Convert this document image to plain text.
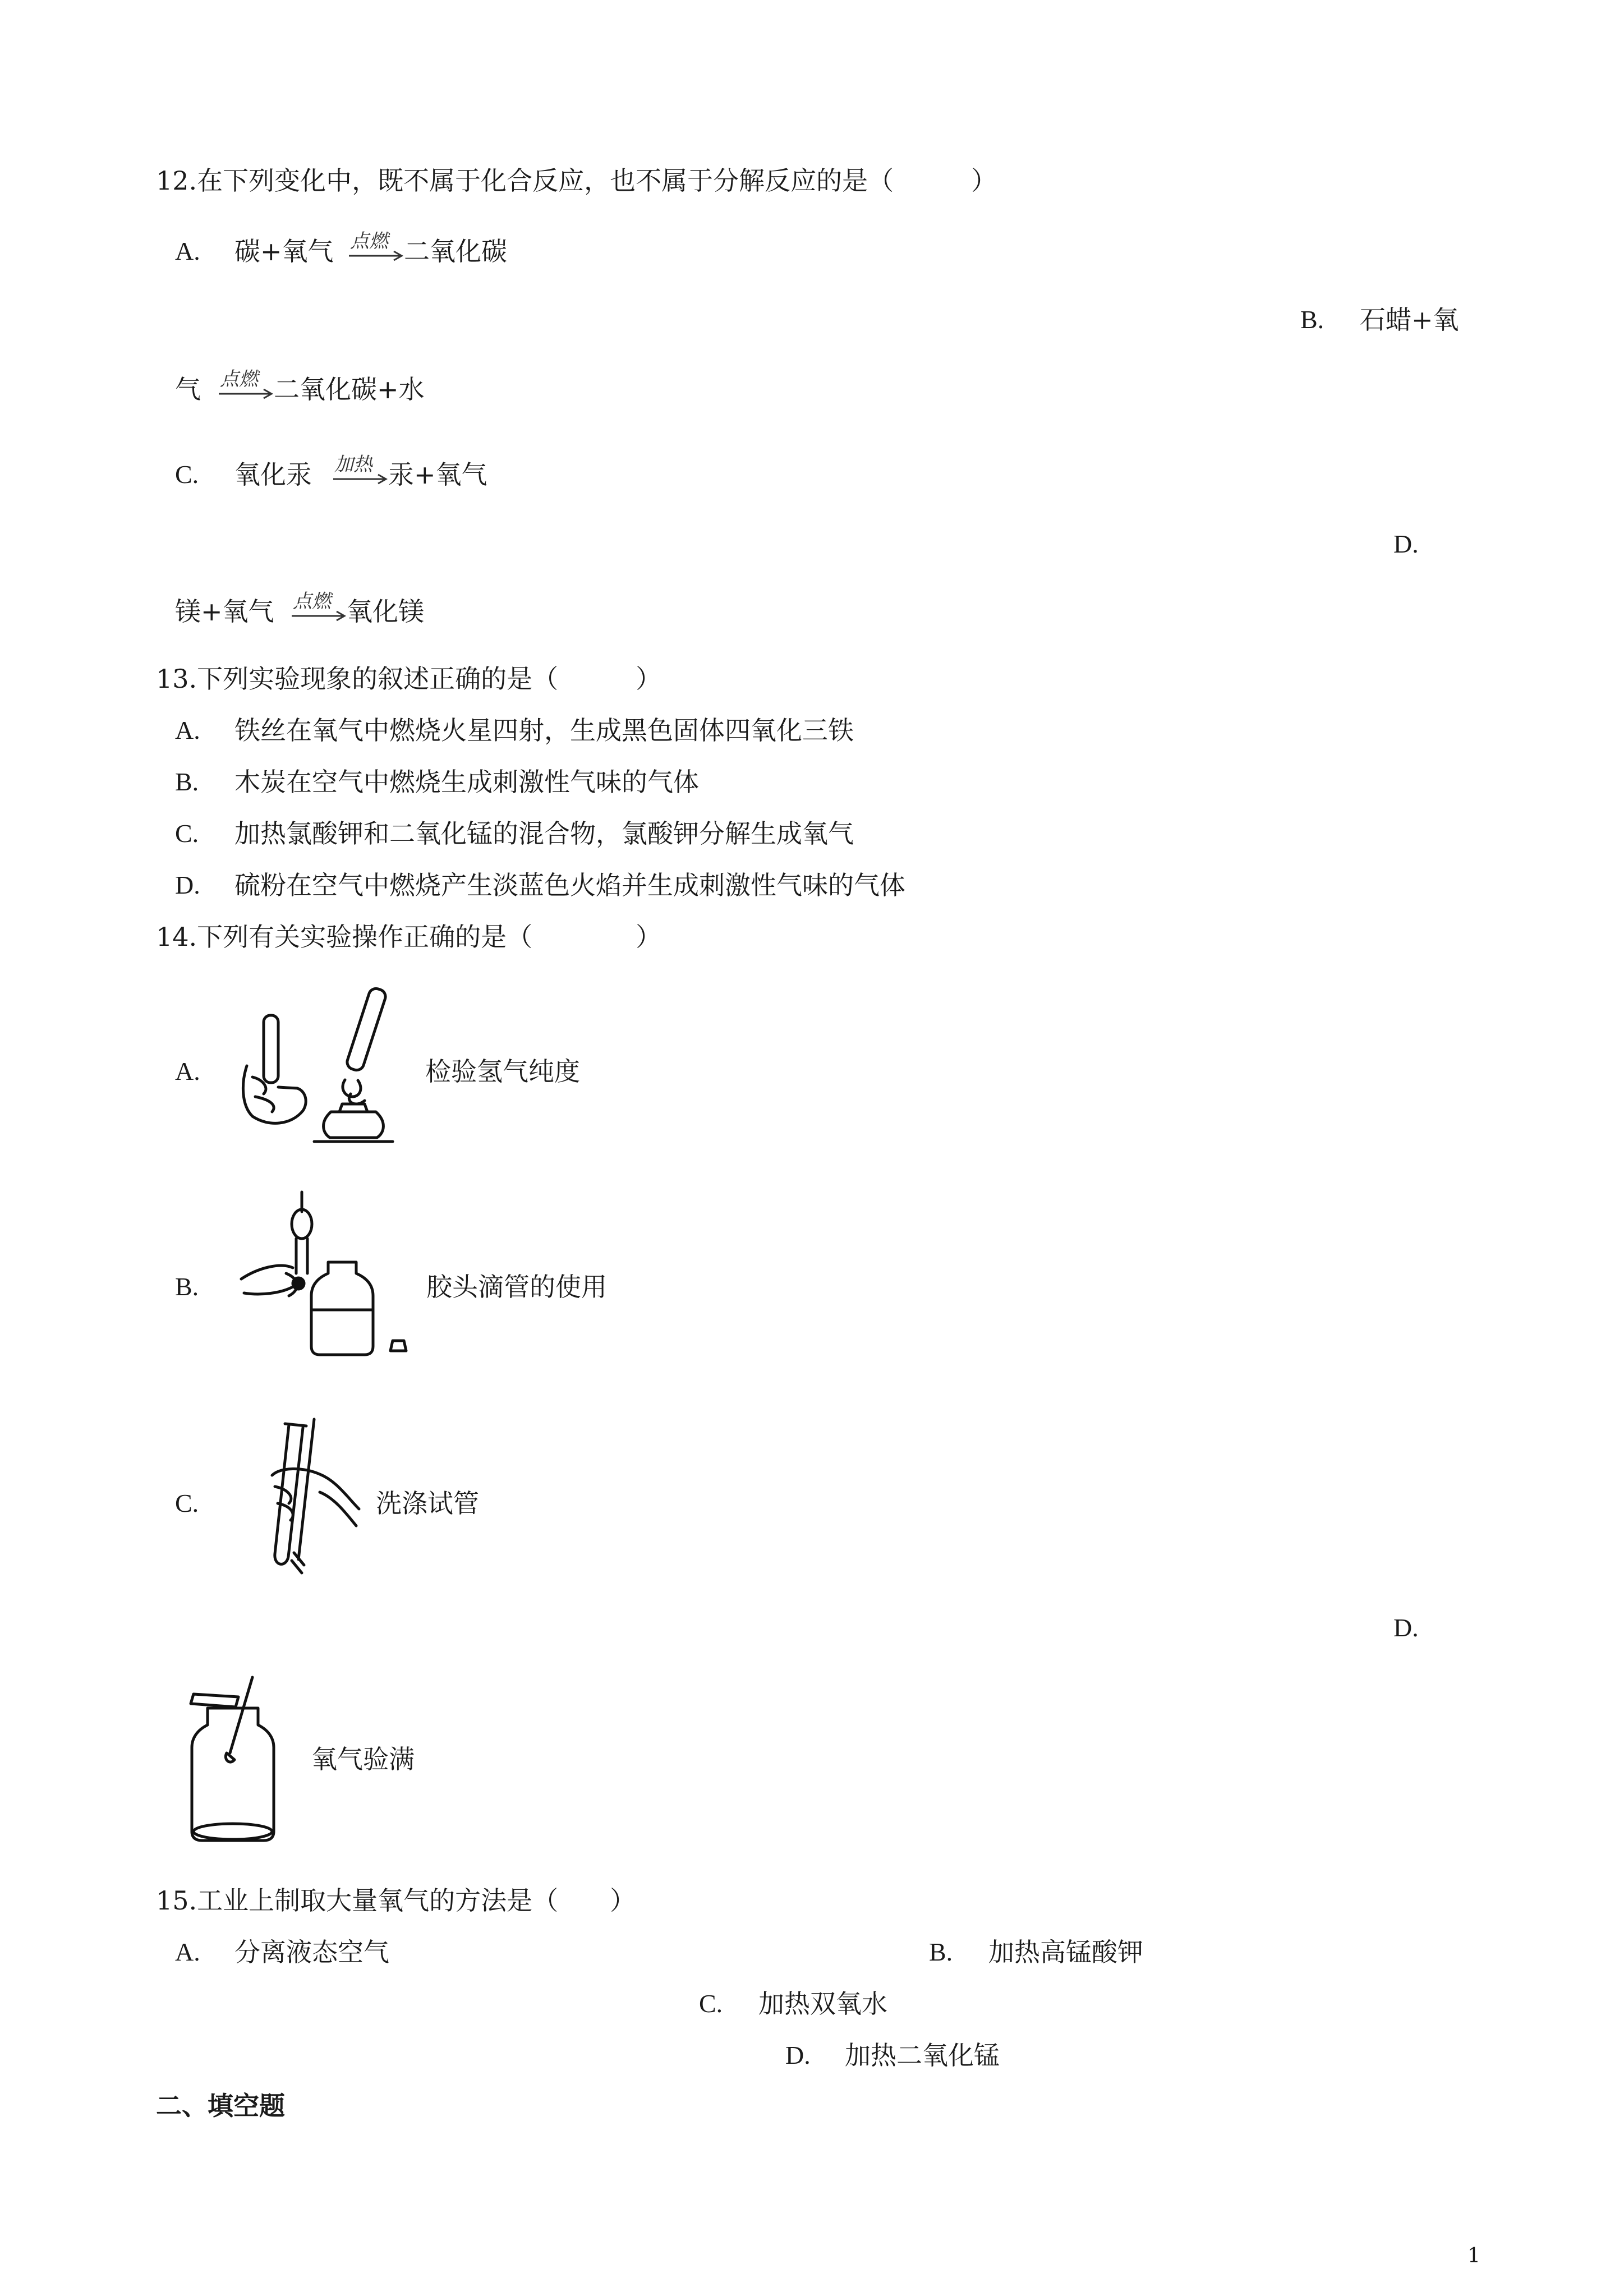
12.在下列变化中，既不属于化合反应，也不属于分解反应的是（　　　）
A. 碳+氧气 点燃 二氧化碳
B. 石蜡+氧
气 点燃 二氧化碳+水
C. 氧化汞 加热 汞+氧气
D.
镁+氧气 点燃 氧化镁
13.下列实验现象的叙述正确的是（　　　）
A. 铁丝在氧气中燃烧火星四射，生成黑色固体四氧化三铁
B. 木炭在空气中燃烧生成刺激性气味的气体
C. 加热氯酸钾和二氧化锰的混合物，氯酸钾分解生成氧气
D. 硫粉在空气中燃烧产生淡蓝色火焰并生成刺激性气味的气体
14.下列有关实验操作正确的是（　　　　）
A.	检验氢气纯度
B.	胶头滴管的使用
C.	洗涤试管
D.
氧气验满
15.工业上制取大量氧气的方法是（　　）
A. 分离液态空气	B. 加热高锰酸钾
C. 加热双氧水
D. 加热二氧化锰
二、填空题
1
